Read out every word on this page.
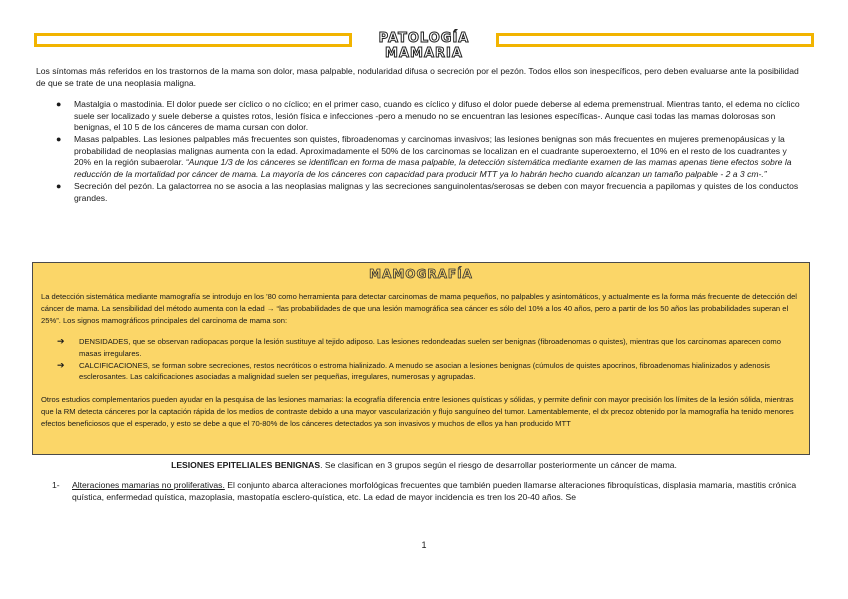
PATOLOGÍA MAMARIA
Los síntomas más referidos en los trastornos de la mama son dolor, masa palpable, nodularidad difusa o secreción por el pezón. Todos ellos son inespecíficos, pero deben evaluarse ante la posibilidad de que se trate de una neoplasia maligna.
● Mastalgia o mastodinia. El dolor puede ser cíclico o no cíclico; en el primer caso, cuando es cíclico y difuso el dolor puede deberse al edema premenstrual. Mientras tanto, el edema no cíclico suele ser localizado y suele deberse a quistes rotos, lesión física e infecciones -pero a menudo no se encuentran las lesiones específicas-. Aunque casi todas las mamas dolorosas son benignas, el 10 5 de los cánceres de mama cursan con dolor.
● Masas palpables. Las lesiones palpables más frecuentes son quistes, fibroadenomas y carcinomas invasivos; las lesiones benignas son más frecuentes en mujeres premenopáusicas y la probabilidad de neoplasias malignas aumenta con la edad. Aproximadamente el 50% de los carcinomas se localizan en el cuadrante superoexterno, el 10% en el resto de los cuadrantes y 20% en la región subaerolar. “Aunque 1/3 de los cánceres se identifican en forma de masa palpable, la detección sistemática mediante examen de las mamas apenas tiene efectos sobre la reducción de la mortalidad por cáncer de mama. La mayoría de los cánceres con capacidad para producir MTT ya lo habrán hecho cuando alcanzan un tamaño palpable - 2 a 3 cm-.”
● Secreción del pezón. La galactorrea no se asocia a las neoplasias malignas y las secreciones sanguinolentas/serosas se deben con mayor frecuencia a papilomas y quistes de los conductos grandes.
MAMOGRAFÍA
La detección sistemática mediante mamografía se introdujo en los ’80 como herramienta para detectar carcinomas de mama pequeños, no palpables y asintomáticos, y actualmente es la forma más frecuente de detección del cáncer de mama. La sensibilidad del método aumenta con la edad → “las probabilidades de que una lesión mamográfica sea cáncer es sólo del 10% a los 40 años, pero a partir de los 50 años las probabilidades superan el 25%”. Los signos mamográficos principales del carcinoma de mama son:
➔ DENSIDADES, que se observan radiopacas porque la lesión sustituye al tejido adiposo. Las lesiones redondeadas suelen ser benignas (fibroadenomas o quistes), mientras que los carcinomas aparecen como masas irregulares.
➔ CALCIFICACIONES, se forman sobre secreciones, restos necróticos o estroma hialinizado. A menudo se asocian a lesiones benignas (cúmulos de quistes apocrinos, fibroadenomas hialinizados y adenosis esclerosantes. Las calcificaciones asociadas a malignidad suelen ser pequeñas, irregulares, numerosas y agrupadas.
Otros estudios complementarios pueden ayudar en la pesquisa de las lesiones mamarias: la ecografía diferencia entre lesiones quísticas y sólidas, y permite definir con mayor precisión los límites de la lesión sólida, mientras que la RM detecta cánceres por la captación rápida de los medios de contraste debido a una mayor vascularización y flujo sanguíneo del tumor. Lamentablemente, el dx precoz obtenido por la mamografía ha tenido menores efectos beneficiosos que el esperado, y esto se debe a que el 70-80% de los cánceres detectados ya son invasivos y muchos de ellos ya han producido MTT
LESIONES EPITELIALES BENIGNAS. Se clasifican en 3 grupos según el riesgo de desarrollar posteriormente un cáncer de mama.
1- Alteraciones mamarias no proliferativas. El conjunto abarca alteraciones morfológicas frecuentes que también pueden llamarse alteraciones fibroquísticas, displasia mamaria, mastitis crónica quística, enfermedad quística, mazoplasia, mastopatía esclero-quística, etc. La edad de mayor incidencia es tren los 20-40 años. Se
1
